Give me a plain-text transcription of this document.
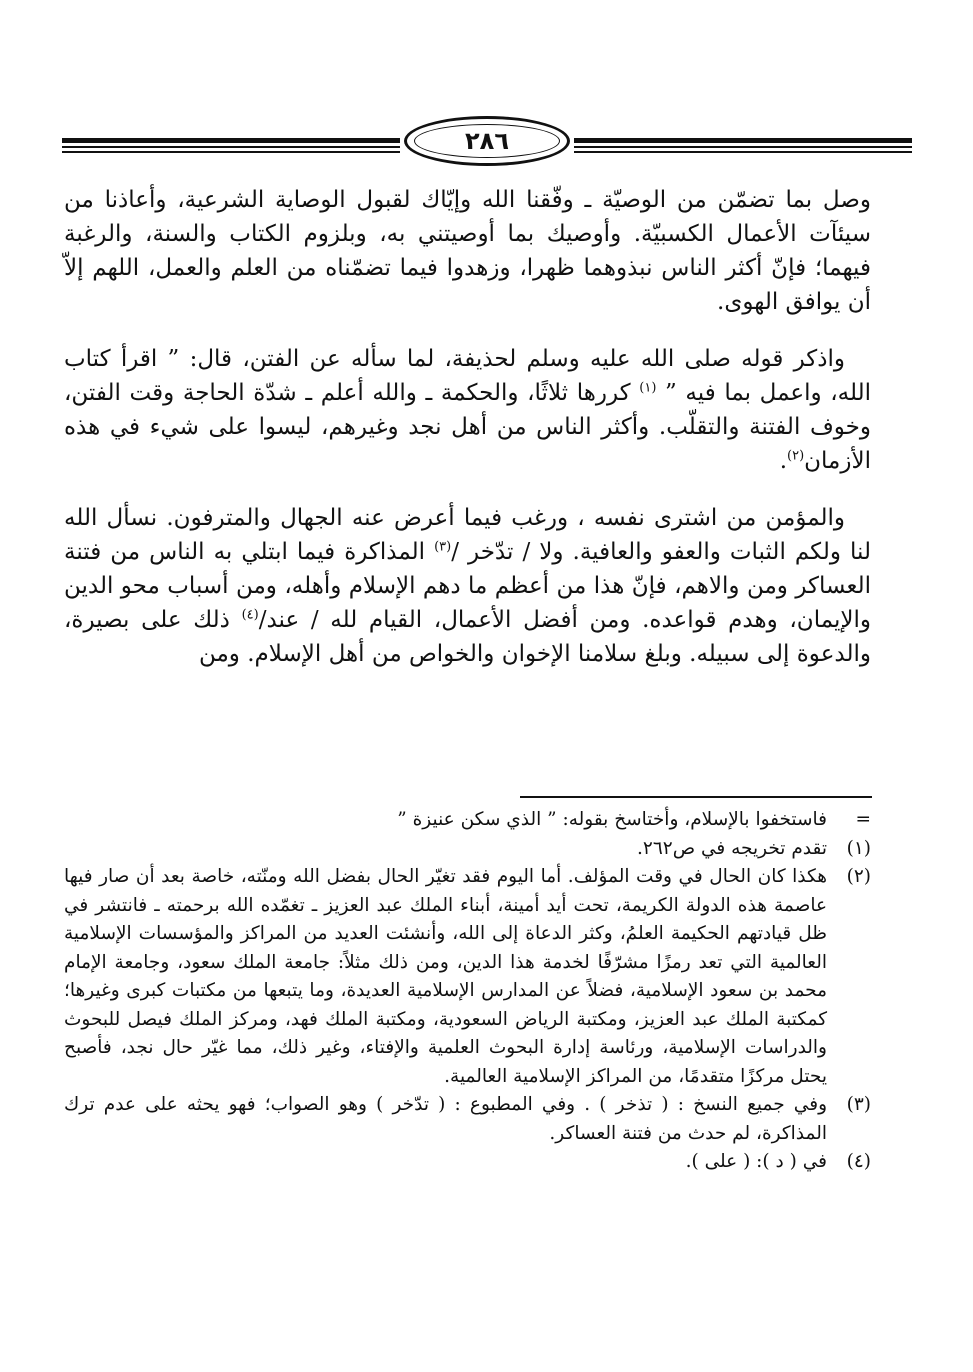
٢٨٦

وصل بما تضمّن من الوصيّة ـ وفّقنا الله وإيّاك لقبول الوصاية الشرعية، وأعاذنا من سيئآت الأعمال الكسبيّة. وأوصيك بما أوصيتني به، وبلزوم الكتاب والسنة، والرغبة فيهما؛ فإنّ أكثر الناس نبذوهما ظهرا، وزهدوا فيما تضمّناه من العلم والعمل، اللهم إلاّ أن يوافق الهوى.

واذكر قوله صلى الله عليه وسلم لحذيفة، لما سأله عن الفتن، قال: ” اقرأ كتاب الله، واعمل بما فيه ” $^{(١)}$ كررها ثلاثًا، والحكمة ـ والله أعلم ـ شدّة الحاجة وقت الفتن، وخوف الفتنة والتقلّب. وأكثر الناس من أهل نجد وغيرهم، ليسوا على شيء في هذه الأزمان$^{(٢)}$.

والمؤمن من اشترى نفسه ، ورغب فيما أعرض عنه الجهال والمترفون. نسأل الله لنا ولكم الثبات والعفو والعافية. ولا / تدّخر /$^{(٣)}$ المذاكرة فيما ابتلي به الناس من فتنة العساكر ومن والاهم، فإنّ هذا من أعظم ما دهم الإسلام وأهله، ومن أسباب محو الدين والإيمان، وهدم قواعده. ومن أفضل الأعمال، القيام لله / عند/$^{(٤)}$ ذلك على بصيرة، والدعوة إلى سبيله. وبلغ سلامنا الإخوان والخواص من أهل الإسلام. ومن

=
فاستخفوا بالإسلام، وأختاسخ بقوله: ” الذي سكن عنيزة ”
(١)
تقدم تخريجه في ص٢٦٢.
(٢)
هكذا كان الحال في وقت المؤلف. أما اليوم فقد تغيّر الحال بفضل الله ومنّته، خاصة بعد أن صار فيها عاصمة هذه الدولة الكريمة، تحت أيد أمينة، أبناء الملك عبد العزيز ـ تغمّده الله برحمته ـ فانتشر في ظل قيادتهم الحكيمة العلمُ، وكثر الدعاة إلى الله، وأنشئت العديد من المراكز والمؤسسات الإسلامية العالمية التي تعد رمزًا مشرّفًا لخدمة هذا الدين، ومن ذلك مثلاً: جامعة الملك سعود، وجامعة الإمام محمد بن سعود الإسلامية، فضلاً عن المدارس الإسلامية العديدة، وما يتبعها من مكتبات كبرى وغيرها؛ كمكتبة الملك عبد العزيز، ومكتبة الرياض السعودية، ومكتبة الملك فهد، ومركز الملك فيصل للبحوث والدراسات الإسلامية، ورئاسة إدارة البحوث العلمية والإفتاء، وغير ذلك، مما غيّر حال نجد، فأصبح يحتل مركزًا متقدمًا، من المراكز الإسلامية العالمية.
(٣)
وفي جميع النسخ : ( تذخر ) . وفي المطبوع : ( تدّخر ) وهو الصواب؛ فهو يحثه على عدم ترك المذاكرة، لم حدث من فتنة العساكر.
(٤)
في ( د ): ( على ).
